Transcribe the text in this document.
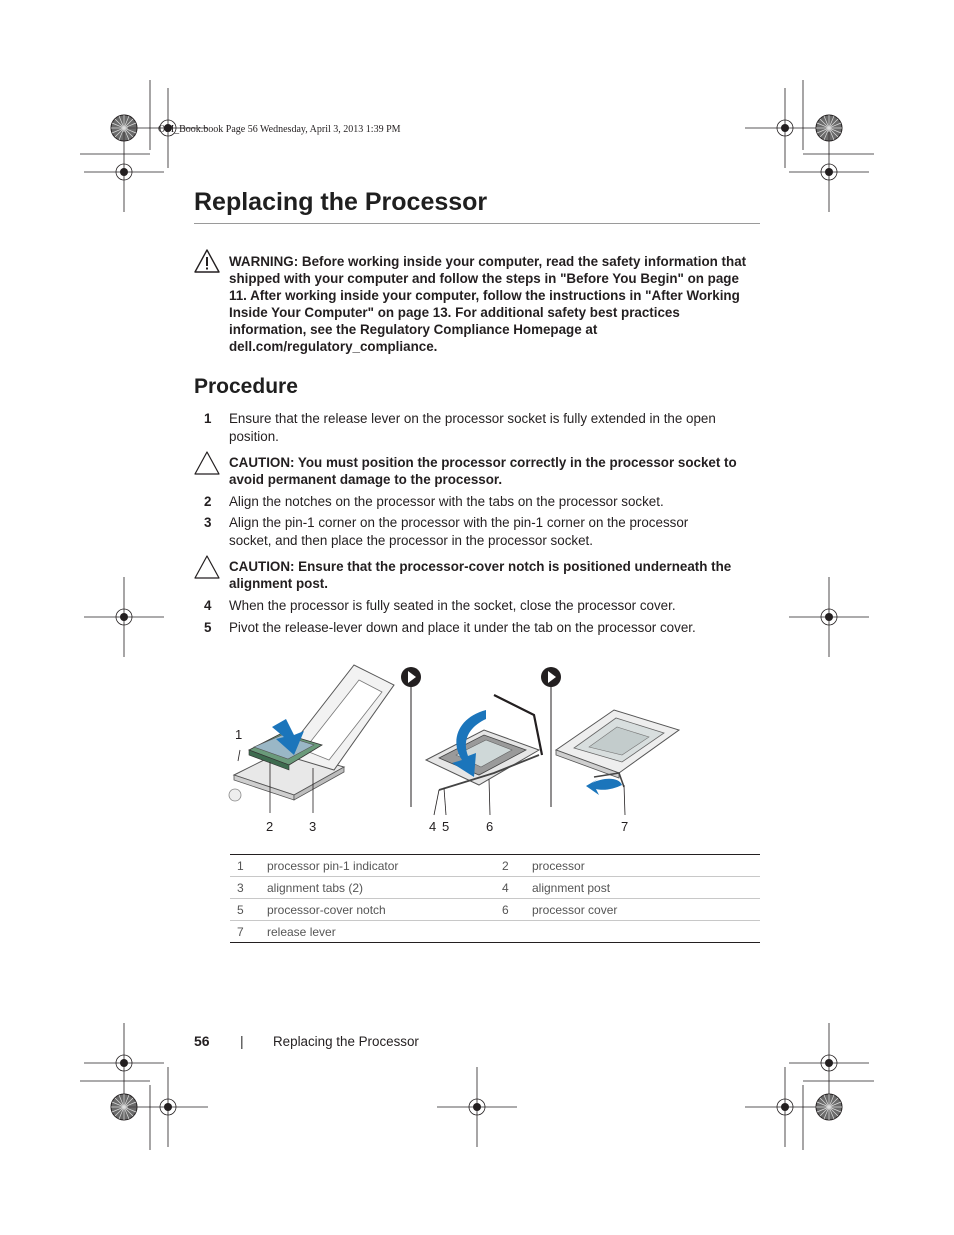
OM_Book.book Page 56 Wednesday, April 3, 2013 1:39 PM
Replacing the Processor
WARNING: Before working inside your computer, read the safety information that shipped with your computer and follow the steps in "Before You Begin" on page 11. After working inside your computer, follow the instructions in "After Working Inside Your Computer" on page 13. For additional safety best practices information, see the Regulatory Compliance Homepage at dell.com/regulatory_compliance.
Procedure
1 Ensure that the release lever on the processor socket is fully extended in the open position.
CAUTION: You must position the processor correctly in the processor socket to avoid permanent damage to the processor.
2 Align the notches on the processor with the tabs on the processor socket.
3 Align the pin-1 corner on the processor with the pin-1 corner on the processor socket, and then place the processor in the processor socket.
CAUTION: Ensure that the processor-cover notch is positioned underneath the alignment post.
4 When the processor is fully seated in the socket, close the processor cover.
5 Pivot the release-lever down and place it under the tab on the processor cover.
1
2	3	4 5	6	7
1	processor pin-1 indicator	2	processor
3	alignment tabs (2)	4	alignment post
5	processor-cover notch	6	processor cover
7	release lever		
56 | Replacing the Processor
